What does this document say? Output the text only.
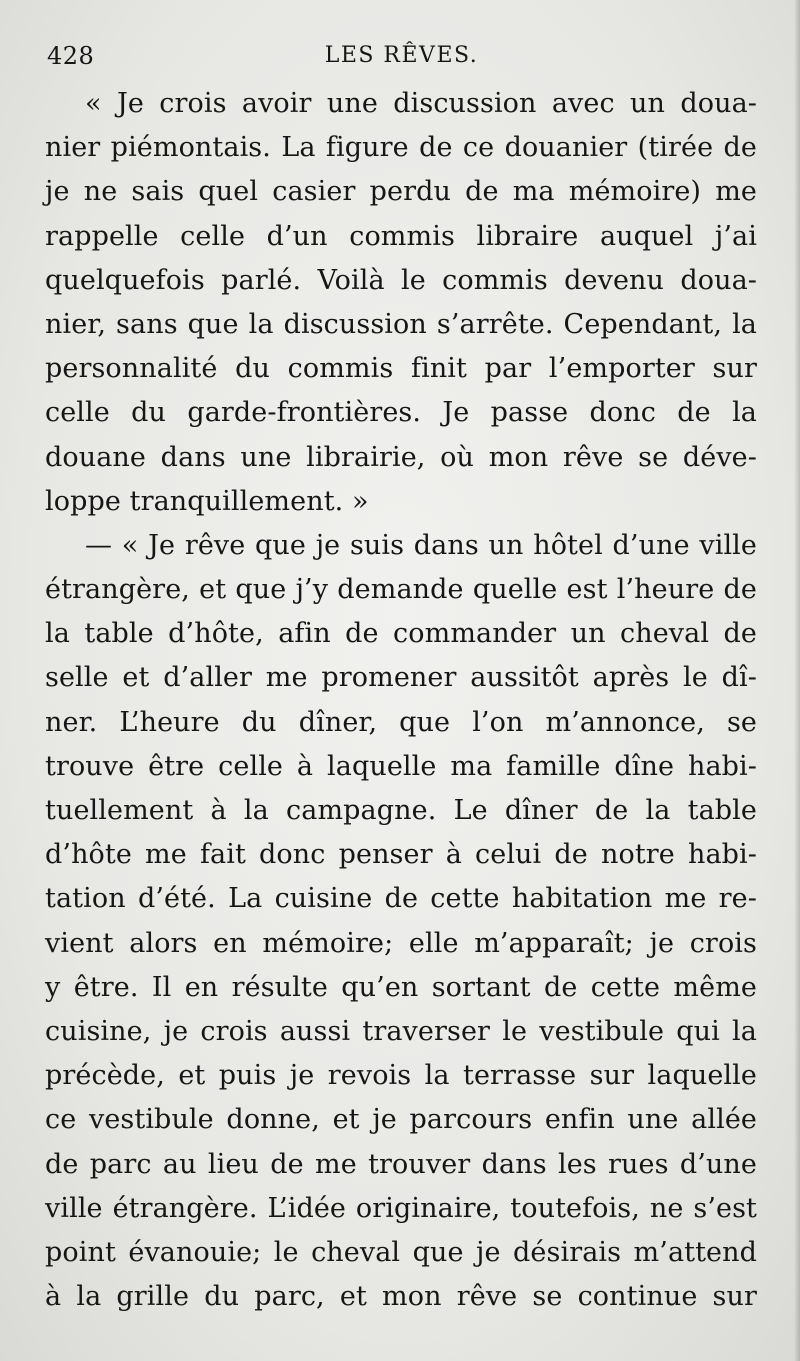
428	LES RÊVES.
« Je crois avoir une discussion avec un doua-
nier piémontais. La figure de ce douanier (tirée de
je ne sais quel casier perdu de ma mémoire) me
rappelle celle d’un commis libraire auquel j’ai
quelquefois parlé. Voilà le commis devenu doua-
nier, sans que la discussion s’arrête. Cependant, la
personnalité du commis finit par l’emporter sur
celle du garde-frontières. Je passe donc de la
douane dans une librairie, où mon rêve se déve-
loppe tranquillement. »
— « Je rêve que je suis dans un hôtel d’une ville
étrangère, et que j’y demande quelle est l’heure de
la table d’hôte, afin de commander un cheval de
selle et d’aller me promener aussitôt après le dî-
ner. L’heure du dîner, que l’on m’annonce, se
trouve être celle à laquelle ma famille dîne habi-
tuellement à la campagne. Le dîner de la table
d’hôte me fait donc penser à celui de notre habi-
tation d’été. La cuisine de cette habitation me re-
vient alors en mémoire; elle m’apparaît; je crois
y être. Il en résulte qu’en sortant de cette même
cuisine, je crois aussi traverser le vestibule qui la
précède, et puis je revois la terrasse sur laquelle
ce vestibule donne, et je parcours enfin une allée
de parc au lieu de me trouver dans les rues d’une
ville étrangère. L’idée originaire, toutefois, ne s’est
point évanouie; le cheval que je désirais m’attend
à la grille du parc, et mon rêve se continue sur
